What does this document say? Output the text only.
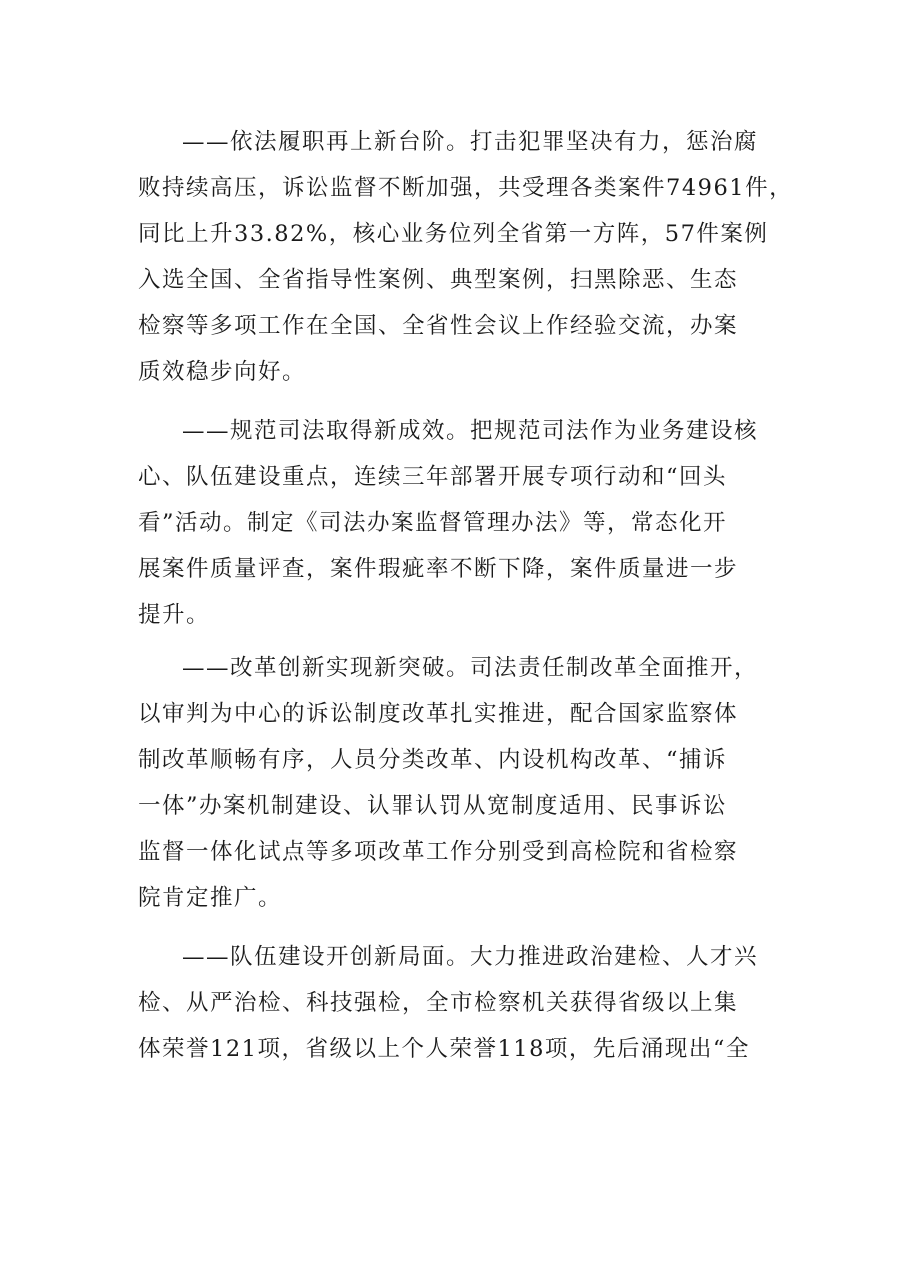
——依法履职再上新台阶。打击犯罪坚决有力，惩治腐
败持续高压，诉讼监督不断加强，共受理各类案件74961件，
同比上升33.82%，核心业务位列全省第一方阵，57件案例
入选全国、全省指导性案例、典型案例，扫黑除恶、生态
检察等多项工作在全国、全省性会议上作经验交流，办案
质效稳步向好。
——规范司法取得新成效。把规范司法作为业务建设核
心、队伍建设重点，连续三年部署开展专项行动和“回头
看”活动。制定《司法办案监督管理办法》等，常态化开
展案件质量评查，案件瑕疵率不断下降，案件质量进一步
提升。
——改革创新实现新突破。司法责任制改革全面推开，
以审判为中心的诉讼制度改革扎实推进，配合国家监察体
制改革顺畅有序，人员分类改革、内设机构改革、“捕诉
一体”办案机制建设、认罪认罚从宽制度适用、民事诉讼
监督一体化试点等多项改革工作分别受到高检院和省检察
院肯定推广。
——队伍建设开创新局面。大力推进政治建检、人才兴
检、从严治检、科技强检，全市检察机关获得省级以上集
体荣誉121项，省级以上个人荣誉118项，先后涌现出“全
